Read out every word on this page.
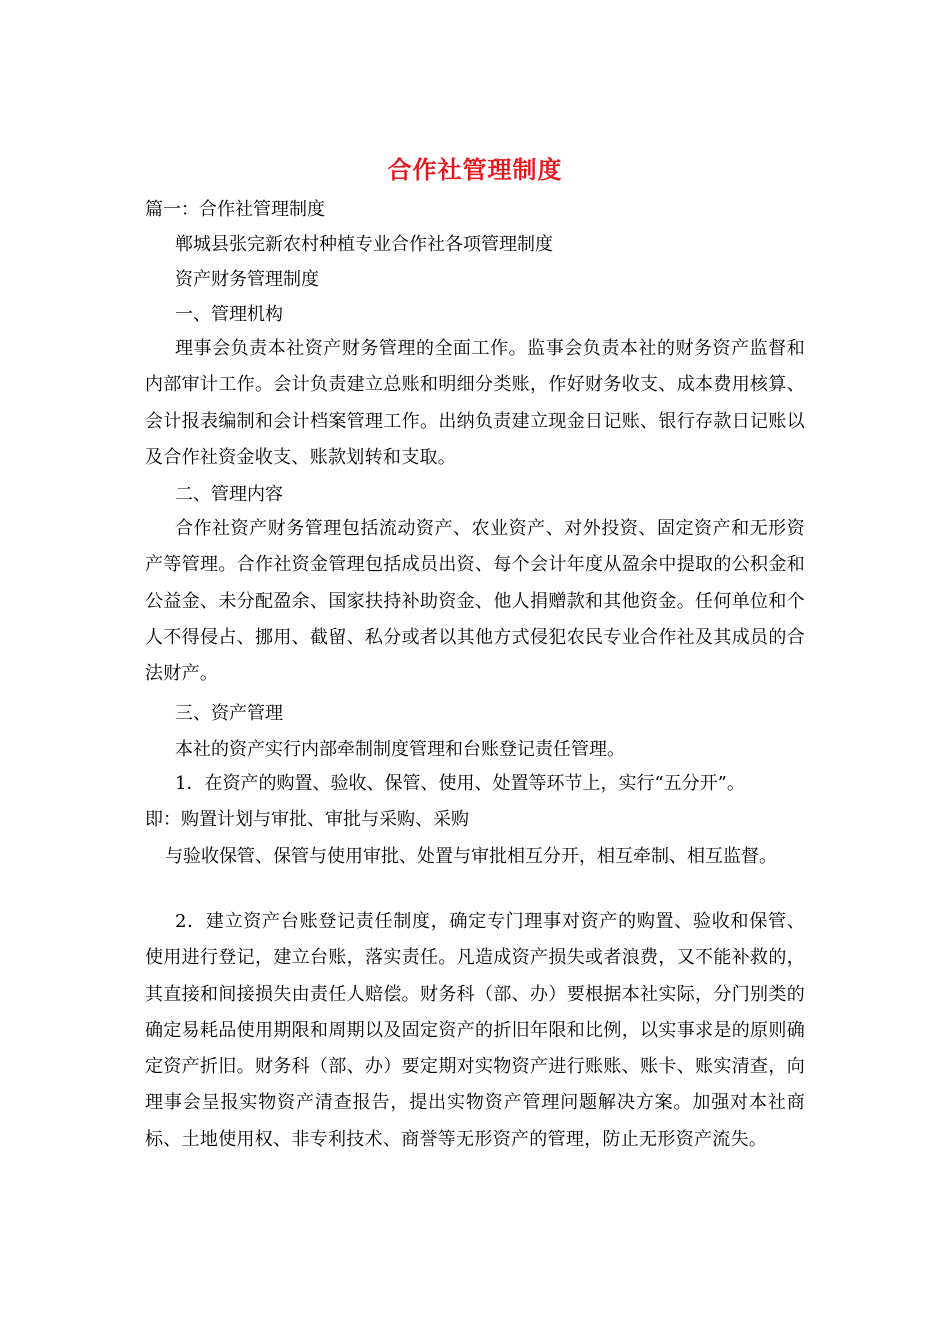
合作社管理制度

篇一：合作社管理制度

郸城县张完新农村种植专业合作社各项管理制度

资产财务管理制度

一、管理机构

理事会负责本社资产财务管理的全面工作。监事会负责本社的财务资产监督和内部审计工作。会计负责建立总账和明细分类账，作好财务收支、成本费用核算、会计报表编制和会计档案管理工作。出纳负责建立现金日记账、银行存款日记账以及合作社资金收支、账款划转和支取。

二、管理内容

合作社资产财务管理包括流动资产、农业资产、对外投资、固定资产和无形资产等管理。合作社资金管理包括成员出资、每个会计年度从盈余中提取的公积金和公益金、未分配盈余、国家扶持补助资金、他人捐赠款和其他资金。任何单位和个人不得侵占、挪用、截留、私分或者以其他方式侵犯农民专业合作社及其成员的合法财产。

三、资产管理

本社的资产实行内部牵制制度管理和台账登记责任管理。

1．在资产的购置、验收、保管、使用、处置等环节上，实行“五分开”。

即：购置计划与审批、审批与采购、采购

与验收保管、保管与使用审批、处置与审批相互分开，相互牵制、相互监督。

2．建立资产台账登记责任制度，确定专门理事对资产的购置、验收和保管、使用进行登记，建立台账，落实责任。凡造成资产损失或者浪费，又不能补救的，其直接和间接损失由责任人赔偿。财务科（部、办）要根据本社实际，分门别类的确定易耗品使用期限和周期以及固定资产的折旧年限和比例，以实事求是的原则确定资产折旧。财务科（部、办）要定期对实物资产进行账账、账卡、账实清查，向理事会呈报实物资产清查报告，提出实物资产管理问题解决方案。加强对本社商标、土地使用权、非专利技术、商誉等无形资产的管理，防止无形资产流失。
